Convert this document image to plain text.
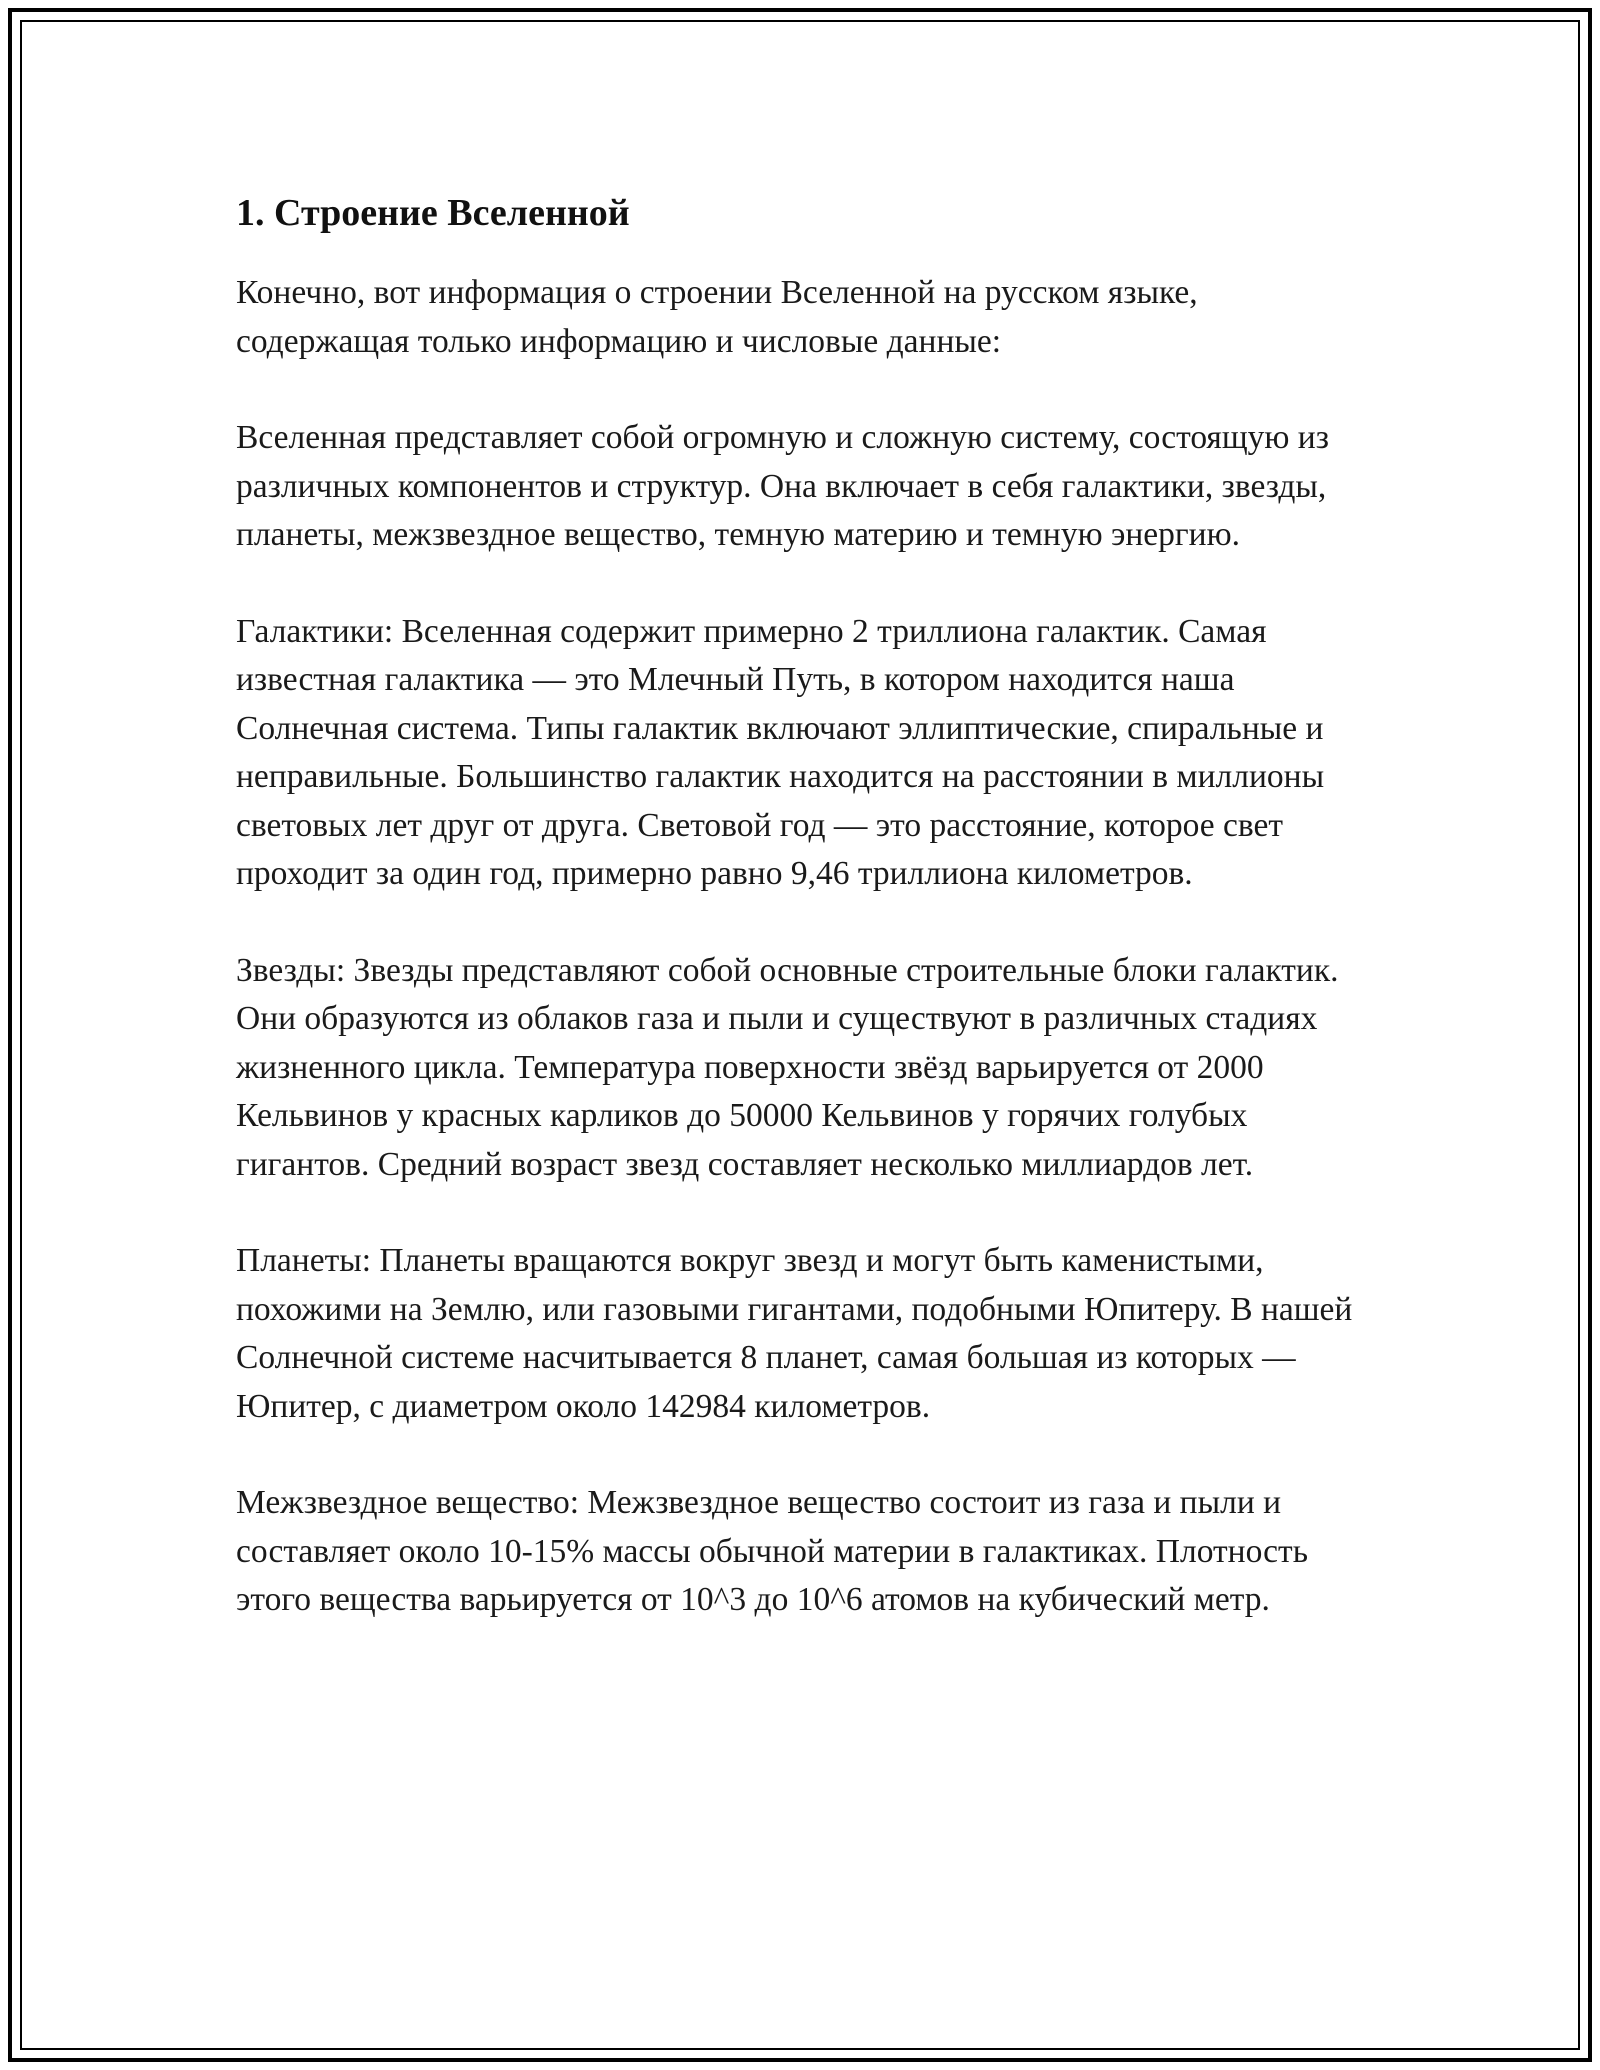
1. Строение Вселенной

Конечно, вот информация о строении Вселенной на русском языке, содержащая только информацию и числовые данные:

Вселенная представляет собой огромную и сложную систему, состоящую из различных компонентов и структур. Она включает в себя галактики, звезды, планеты, межзвездное вещество, темную материю и темную энергию.

Галактики: Вселенная содержит примерно 2 триллиона галактик. Самая известная галактика — это Млечный Путь, в котором находится наша Солнечная система. Типы галактик включают эллиптические, спиральные и неправильные. Большинство галактик находится на расстоянии в миллионы световых лет друг от друга. Световой год — это расстояние, которое свет проходит за один год, примерно равно 9,46 триллиона километров.

Звезды: Звезды представляют собой основные строительные блоки галактик. Они образуются из облаков газа и пыли и существуют в различных стадиях жизненного цикла. Температура поверхности звёзд варьируется от 2000 Кельвинов у красных карликов до 50000 Кельвинов у горячих голубых гигантов. Средний возраст звезд составляет несколько миллиардов лет.

Планеты: Планеты вращаются вокруг звезд и могут быть каменистыми, похожими на Землю, или газовыми гигантами, подобными Юпитеру. В нашей Солнечной системе насчитывается 8 планет, самая большая из которых — Юпитер, с диаметром около 142984 километров.

Межзвездное вещество: Межзвездное вещество состоит из газа и пыли и составляет около 10-15% массы обычной материи в галактиках. Плотность этого вещества варьируется от 10^3 до 10^6 атомов на кубический метр.
